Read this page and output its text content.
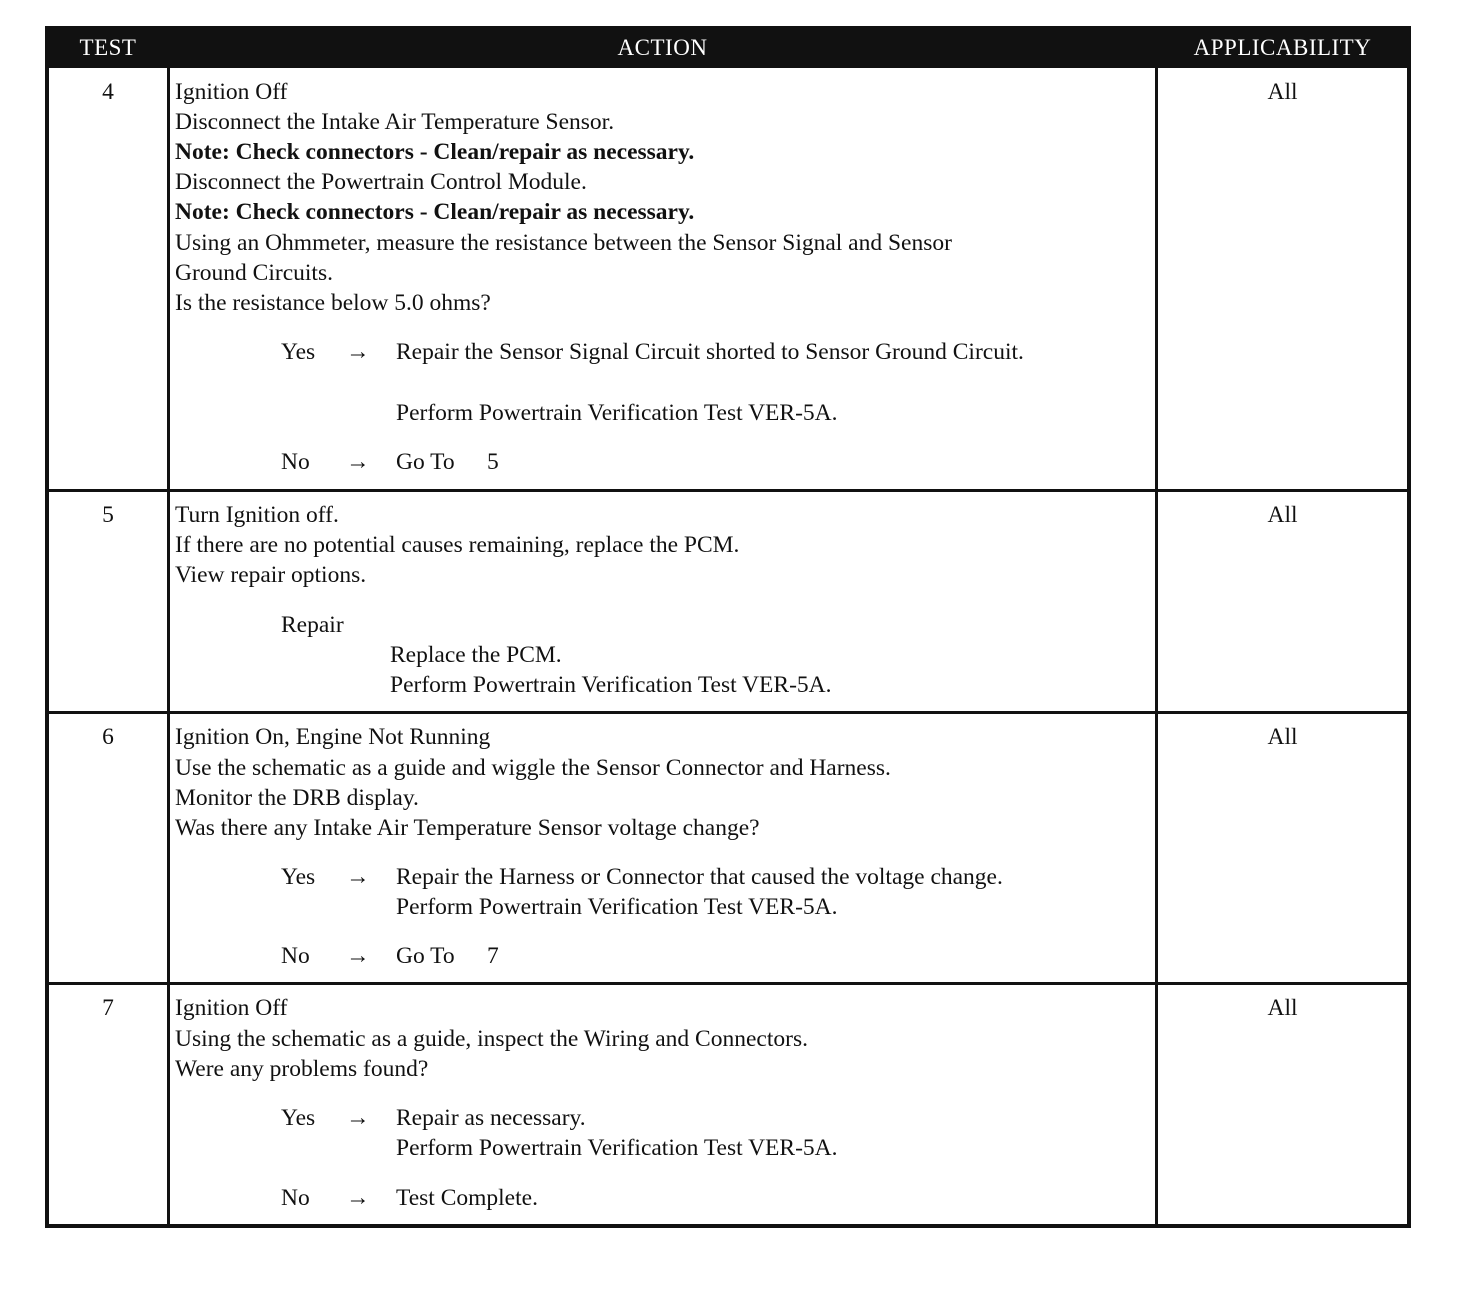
TEST	ACTION	APPLICABILITY
4	Ignition Off
Disconnect the Intake Air Temperature Sensor.
Note: Check connectors - Clean/repair as necessary.
Disconnect the Powertrain Control Module.
Note: Check connectors - Clean/repair as necessary.
Using an Ohmmeter, measure the resistance between the Sensor Signal and Sensor
Ground Circuits.
Is the resistance below 5.0 ohms?
Yes → Repair the Sensor Signal Circuit shorted to Sensor Ground Circuit.
Perform Powertrain Verification Test VER-5A.
No → Go To 5
All
5	Turn Ignition off.
If there are no potential causes remaining, replace the PCM.
View repair options.
Repair
Replace the PCM.
Perform Powertrain Verification Test VER-5A.
All
6	Ignition On, Engine Not Running
Use the schematic as a guide and wiggle the Sensor Connector and Harness.
Monitor the DRB display.
Was there any Intake Air Temperature Sensor voltage change?
Yes → Repair the Harness or Connector that caused the voltage change.
Perform Powertrain Verification Test VER-5A.
No → Go To 7
All
7	Ignition Off
Using the schematic as a guide, inspect the Wiring and Connectors.
Were any problems found?
Yes → Repair as necessary.
Perform Powertrain Verification Test VER-5A.
No → Test Complete.
All
